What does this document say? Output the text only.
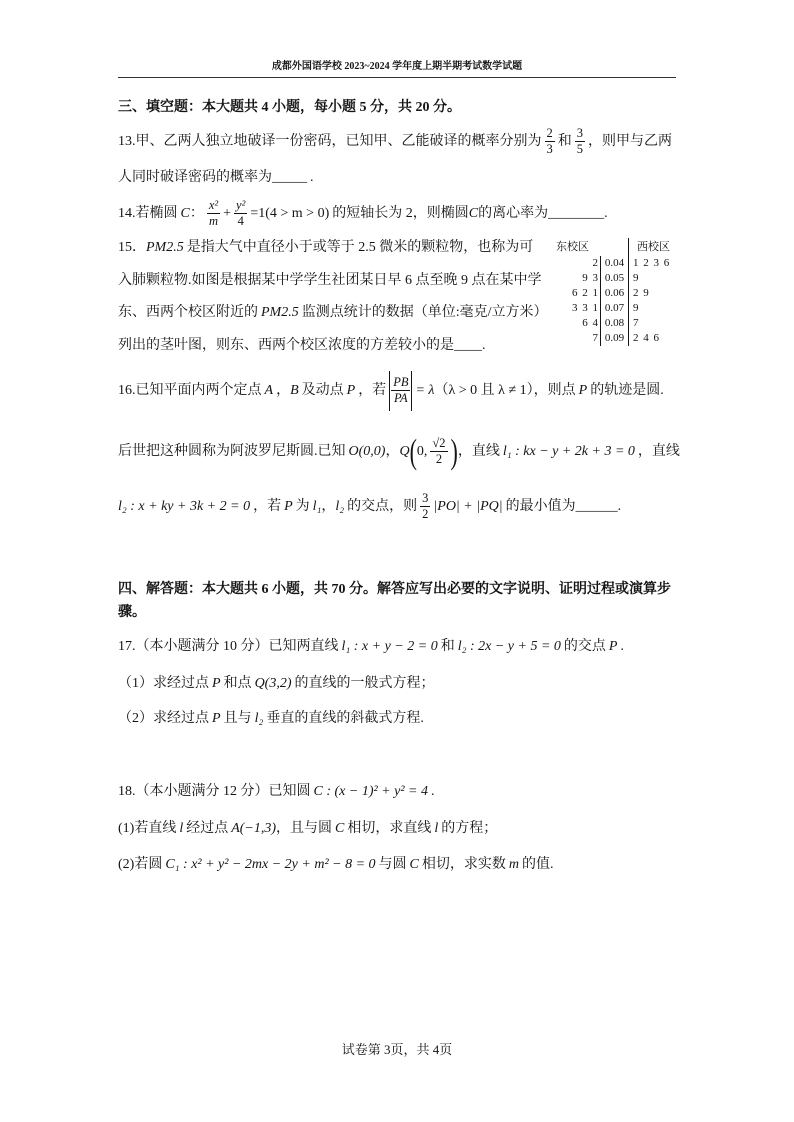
成都外国语学校 2023~2024 学年度上期半期考试数学试题
三、填空题：本大题共 4 小题，每小题 5 分，共 20 分。
13.甲、乙两人独立地破译一份密码，已知甲、乙能破译的概率分别为 $\frac{2}{3}$ 和 $\frac{3}{5}$ ，则甲与乙两
人同时破译密码的概率为_____ .
14.若椭圆 C： $\frac{\text{x²}}{m} + \frac{\text{y²}}{4} =1(4 > m > 0)$ 的短轴长为 2，则椭圆C的离心率为________.
15．PM2.5 是指大气中直径小于或等于 2.5 微米的颗粒物，也称为可
入肺颗粒物.如图是根据某中学学生社团某日早 6 点至晚 9 点在某中学
东、西两个校区附近的 PM2.5 监测点统计的数据（单位:毫克/立方米）
列出的茎叶图，则东、西两个校区浓度的方差较小的是____.
东校区	西校区
2 0.04 1 2 3 6
9 3 0.05 9
6 2 1 0.06 2 9
3 3 1 0.07 9
6 4 0.08 7
7 0.09 2 4 6
16.已知平面内两个定点 A ，B 及动点 P ，若 $\frac{PB}{PA} = \lambda(\lambda > 0$ 且 λ ≠ 1），则点 P 的轨迹是圆.
后世把这种圆称为阿波罗尼斯圆.已知 O(0,0)，Q(0, $\frac{√2}{2}$ )，直线 l₁ : kx − y + 2k + 3 = 0 ，直线
l₂ : x + ky + 3k + 2 = 0 ，若 P 为 l₁，l₂ 的交点，则 $\frac{3}{2} |PO| + |PQ|$ 的最小值为______.
四、解答题：本大题共 6 小题，共 70 分。解答应写出必要的文字说明、证明过程或演算步
骤。
17.（本小题满分 10 分）已知两直线 l₁ : x + y − 2 = 0 和 l₂ : 2x − y + 5 = 0 的交点 P .
（1）求经过点 P 和点 Q(3,2) 的直线的一般式方程；
（2）求经过点 P 且与 l₂ 垂直的直线的斜截式方程.
18.（本小题满分 12 分）已知圆 C : (x − 1)² + y² = 4 .
(1)若直线 l 经过点 A(−1,3)，且与圆 C 相切，求直线 l 的方程；
(2)若圆 C₁ : x² + y² − 2mx − 2y + m² − 8 = 0 与圆 C 相切，求实数 m 的值.
试卷第 3页，共 4页
